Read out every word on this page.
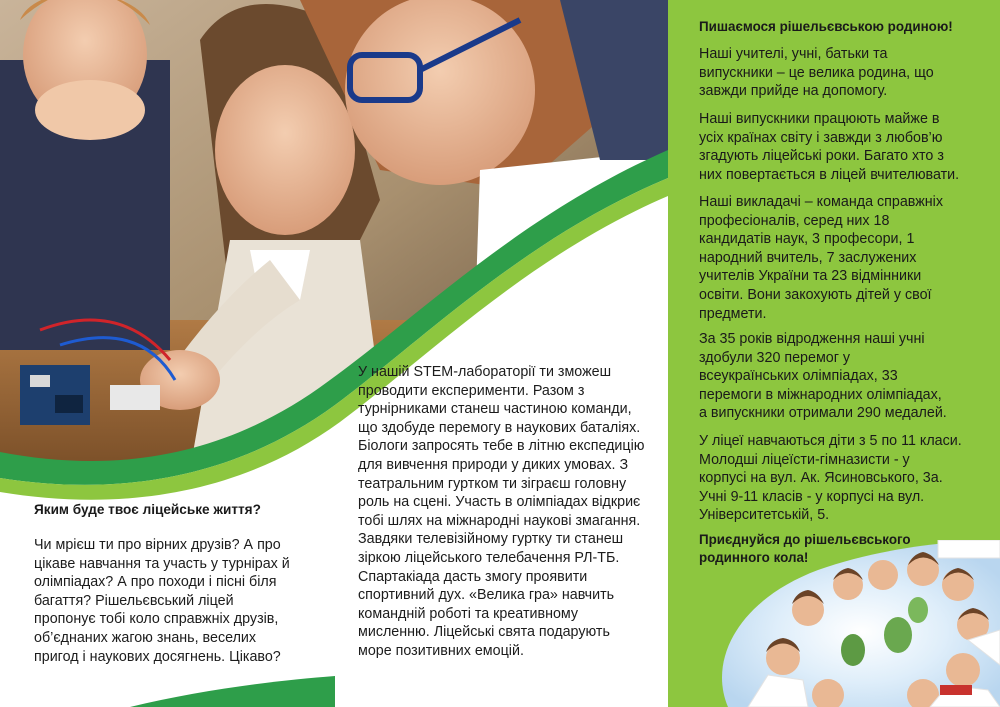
Яким буде твоє ліцейське життя?
Чи мрієш ти про вірних друзів? А про
цікаве навчання та участь у турнірах й
олімпіадах? А про походи і пісні біля
багаття? Рішельєвський ліцей
пропонує тобі коло справжніх друзів,
об’єднаних жагою знань, веселих
пригод і наукових досягнень. Цікаво?
У нашій STEM-лабораторії ти зможеш
проводити експерименти. Разом з
турнірниками станеш частиною команди,
що здобуде перемогу в наукових баталіях.
Біологи запросять тебе в літню експедицію
для вивчення природи у диких умовах. З
театральним гуртком ти зіграєш головну
роль на сцені. Участь в олімпіадах відкриє
тобі шлях на міжнародні наукові змагання.
Завдяки телевізійному гуртку ти станеш
зіркою ліцейського телебачення РЛ-ТБ.
Спартакіада дасть змогу проявити
спортивний дух. «Велика гра» навчить
командній роботі та креативному
мисленню. Ліцейські свята подарують
море позитивних емоцій.
Пишаємося рішельєвською родиною!
Наші учителі, учні, батьки та
випускники – це велика родина, що
завжди прийде на допомогу.
Наші випускники працюють майже в
усіх країнах світу і завжди з любов’ю
згадують ліцейські роки. Багато хто з
них повертається в ліцей вчителювати.
Наші викладачі – команда справжніх
професіоналів, серед них 18
кандидатів наук, 3 професори, 1
народний вчитель, 7 заслужених
учителів України та 23 відмінники
освіти. Вони закохують дітей у свої
предмети.
За 35 років відродження наші учні
здобули 320 перемог у
всеукраїнських олімпіадах, 33
перемоги в міжнародних олімпіадах,
а випускники отримали 290 медалей.
У ліцеї навчаються діти з 5 по 11 класи.
Молодші ліцеїсти-гімназисти - у
корпусі на вул. Ак. Ясиновського, 3а.
Учні 9-11 класів - у корпусі на вул.
Університетській, 5.
Приєднуйся до рішельєвського
родинного кола!
